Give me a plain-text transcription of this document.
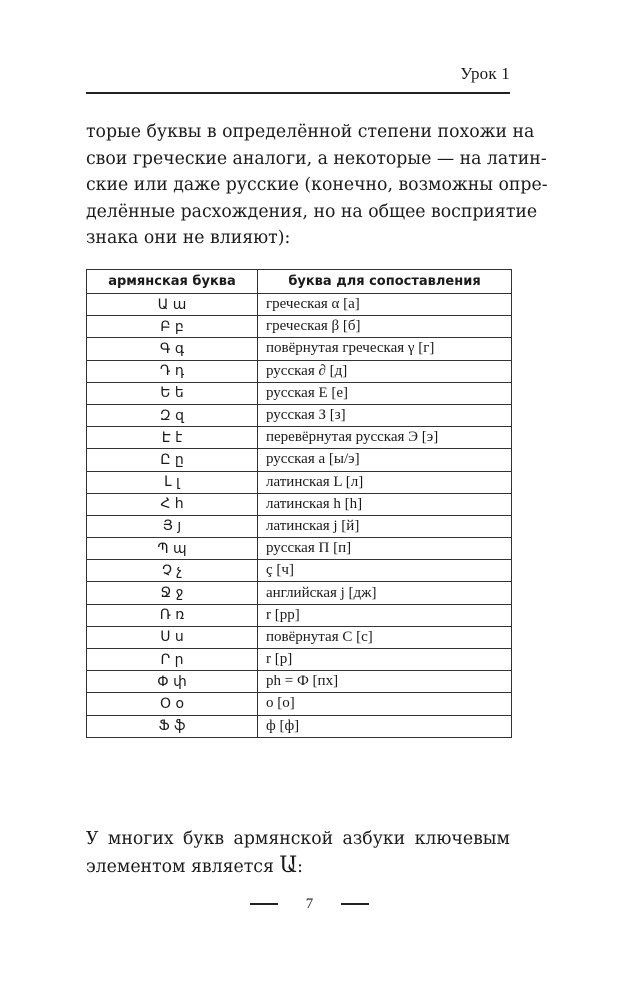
Урок 1
торые буквы в определённой степени похожи на
свои греческие аналоги, а некоторые — на латин-
ские или даже русские (конечно, возможны опре-
делённые расхождения, но на общее восприятие
знака они не влияют):
армянская буква	буква для сопоставления
Ա ա	греческая α [а]
Բ բ	греческая β [б]
Գ գ	повёрнутая греческая γ [г]
Դ դ	русская ∂ [д]
Ե ե	русская Е [е]
Զ զ	русская З [з]
Է է	перевёрнутая русская Э [э]
Ը ը	русская а [ы/э]
Լ լ	латинская L [л]
Հ հ	латинская h [h]
Յ յ	латинская j [й]
Պ պ	русская П [п]
Չ չ	ç [ч]
Ջ ջ	английская j [дж]
Ռ ռ	r [рр]
Ս ս	повёрнутая С [с]
Ր ր	r [р]
Փ փ	ph = Ф [пх]
Օ օ	o [о]
Ֆ ֆ	ф [ф]
У многих букв армянской азбуки ключевым
элементом является Ա:
7
